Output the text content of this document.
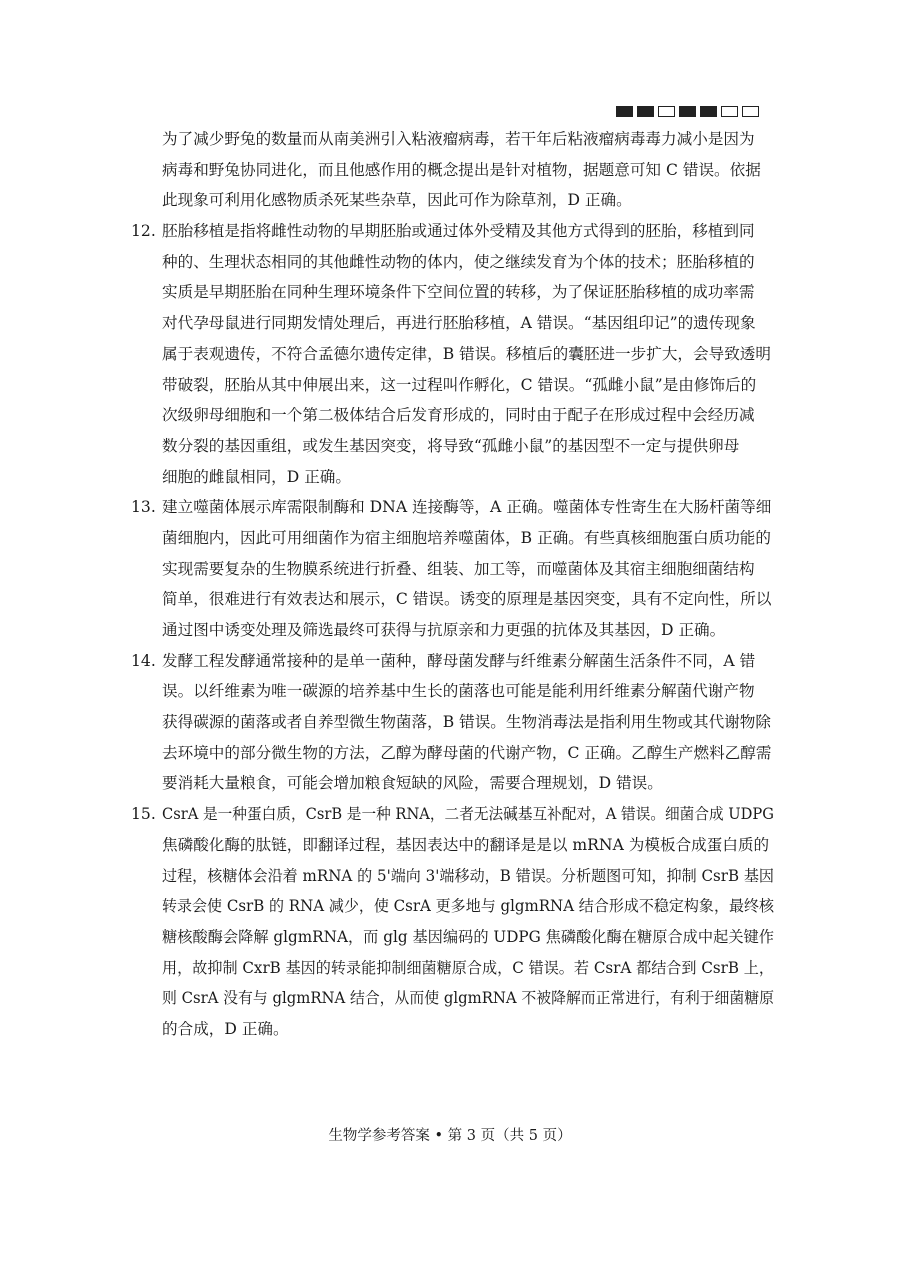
为了减少野兔的数量而从南美洲引入粘液瘤病毒，若干年后粘液瘤病毒毒力减小是因为
病毒和野兔协同进化，而且他感作用的概念提出是针对植物，据题意可知 C 错误。依据
此现象可利用化感物质杀死某些杂草，因此可作为除草剂，D 正确。
12. 胚胎移植是指将雌性动物的早期胚胎或通过体外受精及其他方式得到的胚胎，移植到同
种的、生理状态相同的其他雌性动物的体内，使之继续发育为个体的技术；胚胎移植的
实质是早期胚胎在同种生理环境条件下空间位置的转移，为了保证胚胎移植的成功率需
对代孕母鼠进行同期发情处理后，再进行胚胎移植，A 错误。“基因组印记”的遗传现象
属于表观遗传，不符合孟德尔遗传定律，B 错误。移植后的囊胚进一步扩大，会导致透明
带破裂，胚胎从其中伸展出来，这一过程叫作孵化，C 错误。“孤雌小鼠”是由修饰后的
次级卵母细胞和一个第二极体结合后发育形成的，同时由于配子在形成过程中会经历减
数分裂的基因重组，或发生基因突变，将导致“孤雌小鼠”的基因型不一定与提供卵母
细胞的雌鼠相同，D 正确。
13. 建立噬菌体展示库需限制酶和 DNA 连接酶等，A 正确。噬菌体专性寄生在大肠杆菌等细
菌细胞内，因此可用细菌作为宿主细胞培养噬菌体，B 正确。有些真核细胞蛋白质功能的
实现需要复杂的生物膜系统进行折叠、组装、加工等，而噬菌体及其宿主细胞细菌结构
简单，很难进行有效表达和展示，C 错误。诱变的原理是基因突变，具有不定向性，所以
通过图中诱变处理及筛选最终可获得与抗原亲和力更强的抗体及其基因，D 正确。
14. 发酵工程发酵通常接种的是单一菌种，酵母菌发酵与纤维素分解菌生活条件不同，A 错
误。以纤维素为唯一碳源的培养基中生长的菌落也可能是能利用纤维素分解菌代谢产物
获得碳源的菌落或者自养型微生物菌落，B 错误。生物消毒法是指利用生物或其代谢物除
去环境中的部分微生物的方法，乙醇为酵母菌的代谢产物，C 正确。乙醇生产燃料乙醇需
要消耗大量粮食，可能会增加粮食短缺的风险，需要合理规划，D 错误。
15. CsrA 是一种蛋白质，CsrB 是一种 RNA，二者无法碱基互补配对，A 错误。细菌合成 UDPG
焦磷酸化酶的肽链，即翻译过程，基因表达中的翻译是是以 mRNA 为模板合成蛋白质的
过程，核糖体会沿着 mRNA 的 5'端向 3'端移动，B 错误。分析题图可知，抑制 CsrB 基因
转录会使 CsrB 的 RNA 减少，使 CsrA 更多地与 glgmRNA 结合形成不稳定构象，最终核
糖核酸酶会降解 glgmRNA，而 glg 基因编码的 UDPG 焦磷酸化酶在糖原合成中起关键作
用，故抑制 CxrB 基因的转录能抑制细菌糖原合成，C 错误。若 CsrA 都结合到 CsrB 上，
则 CsrA 没有与 glgmRNA 结合，从而使 glgmRNA 不被降解而正常进行，有利于细菌糖原
的合成，D 正确。
生物学参考答案 • 第 3 页（共 5 页）
